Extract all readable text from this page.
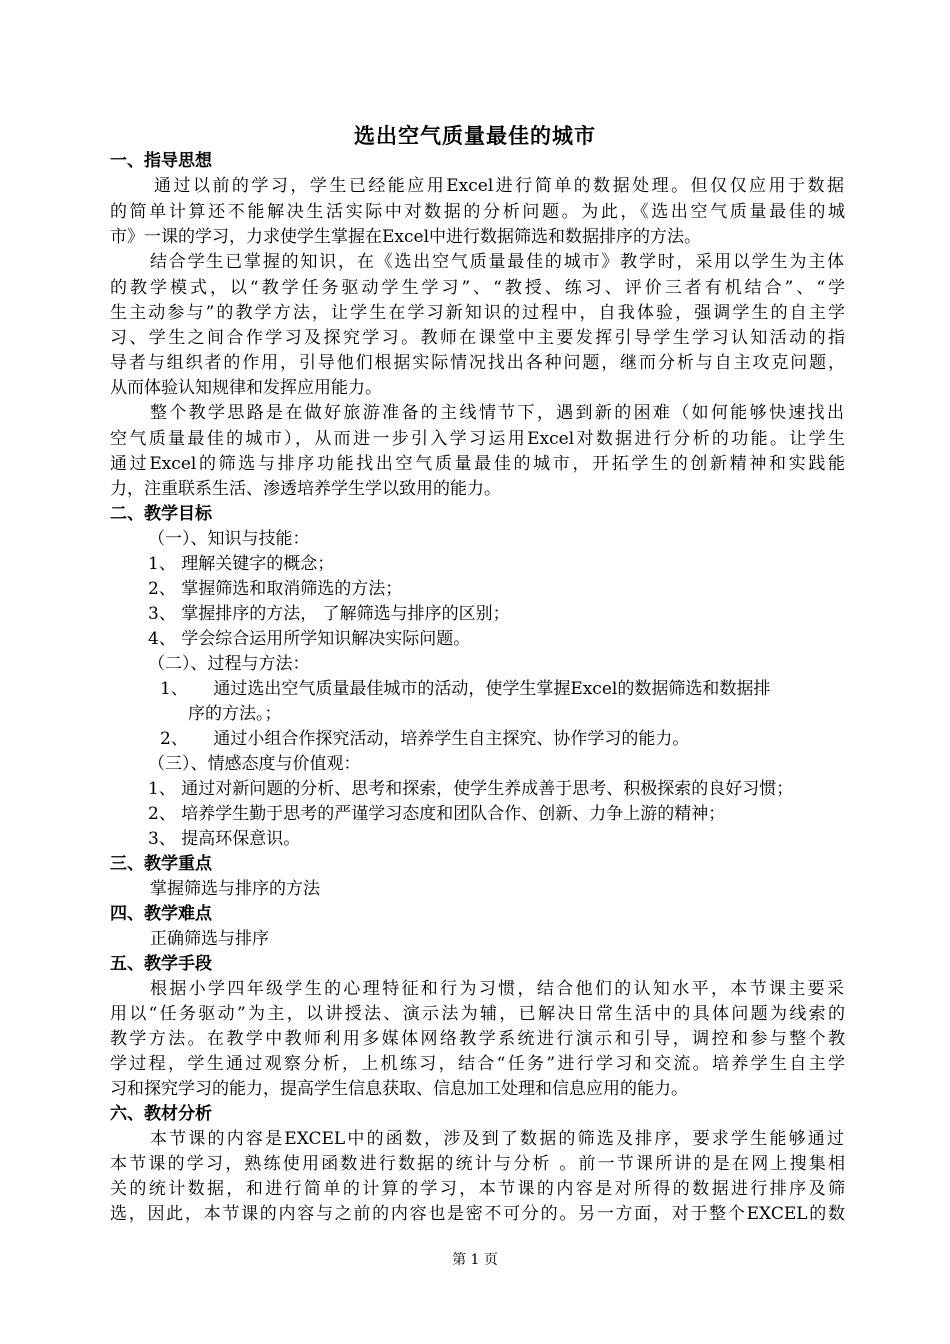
选出空气质量最佳的城市
一、指导思想
通过以前的学习，学生已经能应用Excel进行简单的数据处理。但仅仅应用于数据
的简单计算还不能解决生活实际中对数据的分析问题。为此，《选出空气质量最佳的城
市》一课的学习，力求使学生掌握在Excel中进行数据筛选和数据排序的方法。
结合学生已掌握的知识，在《选出空气质量最佳的城市》教学时，采用以学生为主体
的教学模式，以“教学任务驱动学生学习”、“教授、练习、评价三者有机结合”、“学
生主动参与”的教学方法，让学生在学习新知识的过程中，自我体验，强调学生的自主学
习、学生之间合作学习及探究学习。教师在课堂中主要发挥引导学生学习认知活动的指
导者与组织者的作用，引导他们根据实际情况找出各种问题，继而分析与自主攻克问题，
从而体验认知规律和发挥应用能力。
整个教学思路是在做好旅游准备的主线情节下，遇到新的困难（如何能够快速找出
空气质量最佳的城市），从而进一步引入学习运用Excel对数据进行分析的功能。让学生
通过Excel的筛选与排序功能找出空气质量最佳的城市，开拓学生的创新精神和实践能
力，注重联系生活、渗透培养学生学以致用的能力。
二、教学目标
（一）、知识与技能：
1、 理解关键字的概念；
2、 掌握筛选和取消筛选的方法；
3、 掌握排序的方法， 了解筛选与排序的区别；
4、 学会综合运用所学知识解决实际问题。
（二）、过程与方法：
1、　　通过选出空气质量最佳城市的活动，使学生掌握Excel的数据筛选和数据排
序的方法。；
2、　　通过小组合作探究活动，培养学生自主探究、协作学习的能力。
（三）、情感态度与价值观：
1、 通过对新问题的分析、思考和探索，使学生养成善于思考、积极探索的良好习惯；
2、 培养学生勤于思考的严谨学习态度和团队合作、创新、力争上游的精神；
3、 提高环保意识。
三、教学重点
掌握筛选与排序的方法
四、教学难点
正确筛选与排序
五、教学手段
根据小学四年级学生的心理特征和行为习惯，结合他们的认知水平，本节课主要采
用以“任务驱动”为主，以讲授法、演示法为辅，已解决日常生活中的具体问题为线索的
教学方法。在教学中教师利用多媒体网络教学系统进行演示和引导，调控和参与整个教
学过程，学生通过观察分析，上机练习，结合“任务”进行学习和交流。培养学生自主学
习和探究学习的能力，提高学生信息获取、信息加工处理和信息应用的能力。
六、教材分析
本节课的内容是EXCEL中的函数，涉及到了数据的筛选及排序，要求学生能够通过
本节课的学习，熟练使用函数进行数据的统计与分析 。前一节课所讲的是在网上搜集相
关的统计数据，和进行简单的计算的学习，本节课的内容是对所得的数据进行排序及筛
选，因此，本节课的内容与之前的内容也是密不可分的。另一方面，对于整个EXCEL的数
第 1 页
